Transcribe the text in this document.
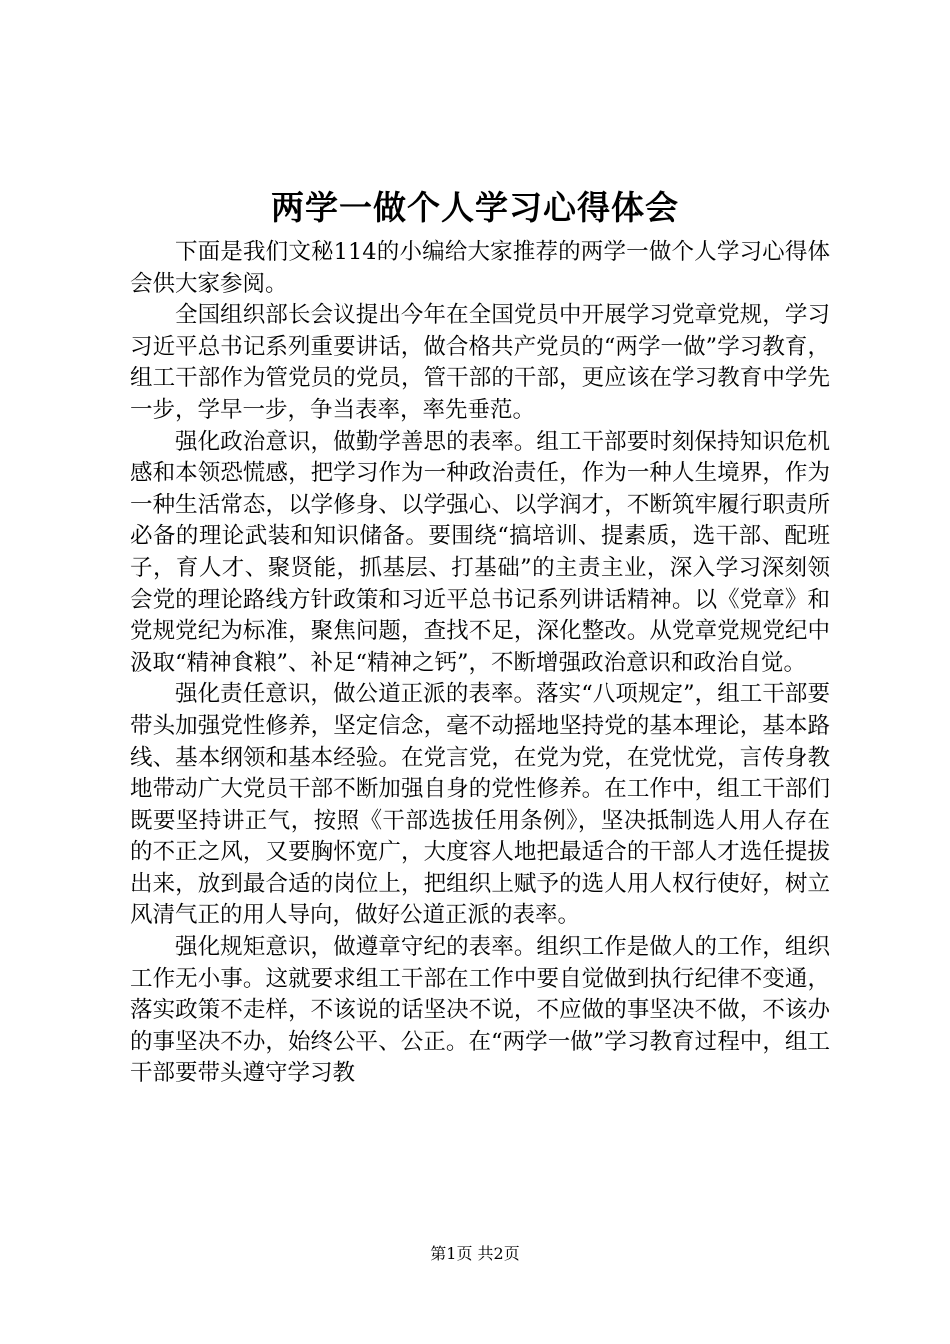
两学一做个人学习心得体会

下面是我们文秘114的小编给大家推荐的两学一做个人学习心得体会供大家参阅。

全国组织部长会议提出今年在全国党员中开展学习党章党规，学习习近平总书记系列重要讲话，做合格共产党员的“两学一做”学习教育，组工干部作为管党员的党员，管干部的干部，更应该在学习教育中学先一步，学早一步，争当表率，率先垂范。

强化政治意识，做勤学善思的表率。组工干部要时刻保持知识危机感和本领恐慌感，把学习作为一种政治责任，作为一种人生境界，作为一种生活常态，以学修身、以学强心、以学润才，不断筑牢履行职责所必备的理论武装和知识储备。要围绕“搞培训、提素质，选干部、配班子，育人才、聚贤能，抓基层、打基础”的主责主业，深入学习深刻领会党的理论路线方针政策和习近平总书记系列讲话精神。以《党章》和党规党纪为标准，聚焦问题，查找不足，深化整改。从党章党规党纪中汲取“精神食粮”、补足“精神之钙”，不断增强政治意识和政治自觉。

强化责任意识，做公道正派的表率。落实“八项规定”，组工干部要带头加强党性修养，坚定信念，毫不动摇地坚持党的基本理论，基本路线、基本纲领和基本经验。在党言党，在党为党，在党忧党，言传身教地带动广大党员干部不断加强自身的党性修养。在工作中，组工干部们既要坚持讲正气，按照《干部选拔任用条例》，坚决抵制选人用人存在的不正之风，又要胸怀宽广，大度容人地把最适合的干部人才选任提拔出来，放到最合适的岗位上，把组织上赋予的选人用人权行使好，树立风清气正的用人导向，做好公道正派的表率。

强化规矩意识，做遵章守纪的表率。组织工作是做人的工作，组织工作无小事。这就要求组工干部在工作中要自觉做到执行纪律不变通，落实政策不走样，不该说的话坚决不说，不应做的事坚决不做，不该办的事坚决不办，始终公平、公正。在“两学一做”学习教育过程中，组工干部要带头遵守学习教

第1页 共2页
